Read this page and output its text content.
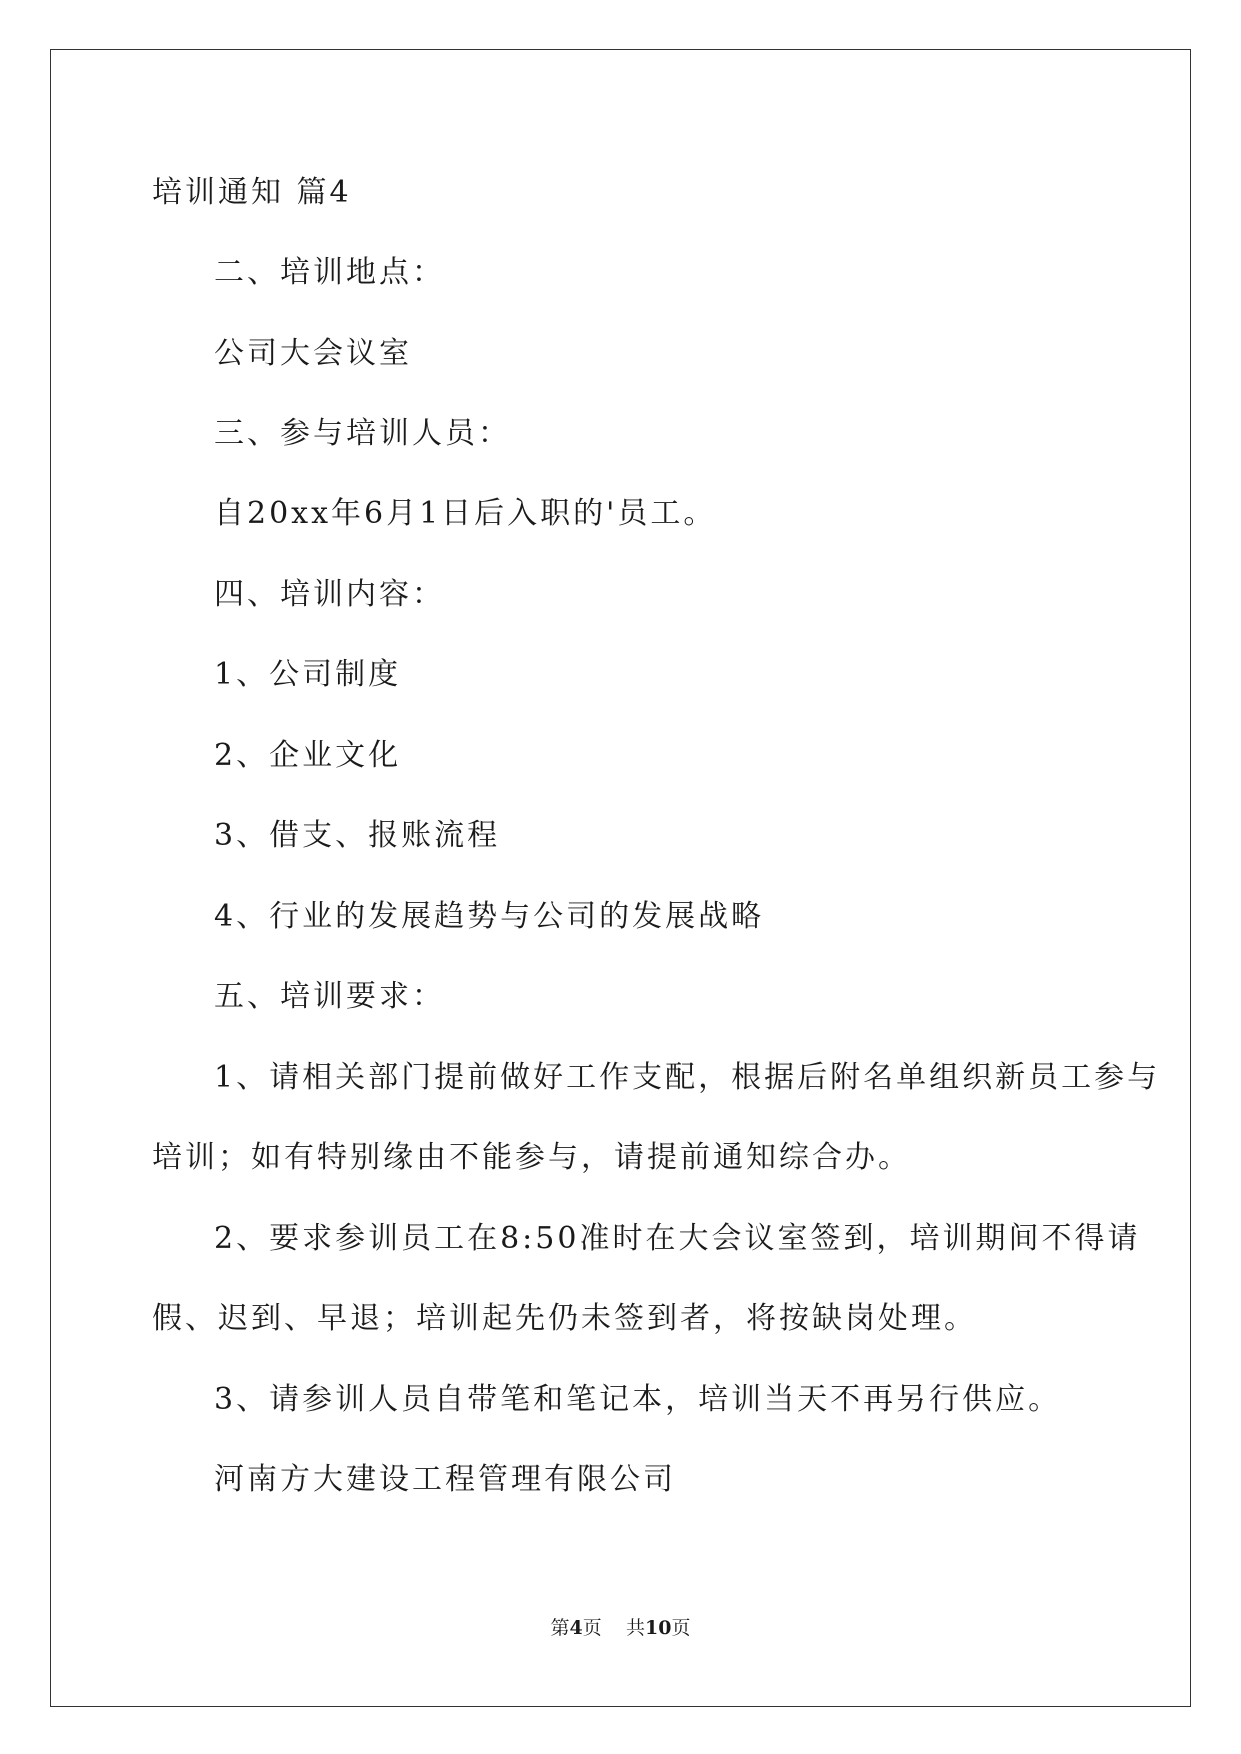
培训通知 篇4
二、培训地点：
公司大会议室
三、参与培训人员：
自20xx年6月1日后入职的'员工。
四、培训内容：
1、公司制度
2、企业文化
3、借支、报账流程
4、行业的发展趋势与公司的发展战略
五、培训要求：
1、请相关部门提前做好工作支配，根据后附名单组织新员工参与
培训；如有特别缘由不能参与，请提前通知综合办。
2、要求参训员工在8:50准时在大会议室签到，培训期间不得请
假、迟到、早退；培训起先仍未签到者，将按缺岗处理。
3、请参训人员自带笔和笔记本，培训当天不再另行供应。
河南方大建设工程管理有限公司
第4页 共10页
